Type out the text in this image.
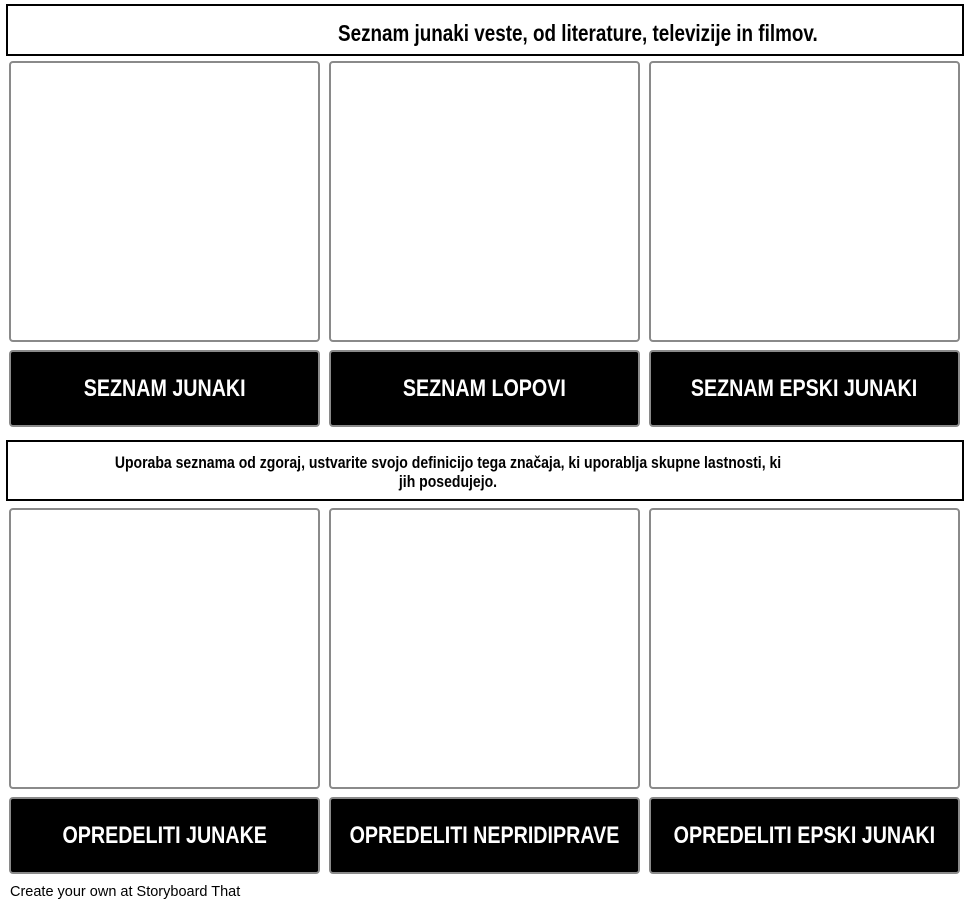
Seznam junaki veste, od literature, televizije in filmov.
SEZNAM JUNAKI	SEZNAM LOPOVI	SEZNAM EPSKI JUNAKI
Uporaba seznama od zgoraj, ustvarite svojo definicijo tega značaja, ki uporablja skupne lastnosti, ki jih posedujejo.
OPREDELITI JUNAKE	OPREDELITI NEPRIDIPRAVE OPREDELITI EPSKI JUNAKI
Create your own at Storyboard That
